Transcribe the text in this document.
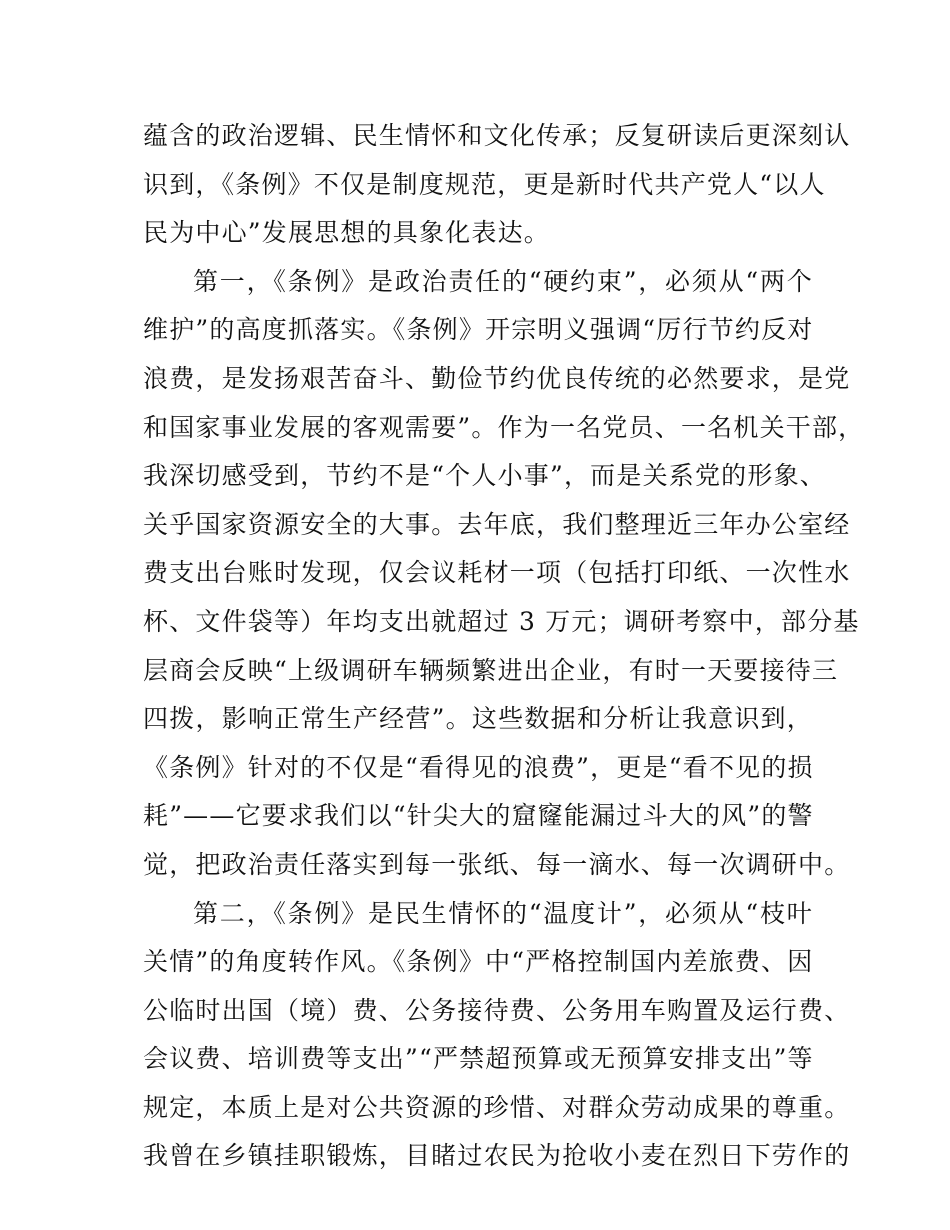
蕴含的政治逻辑、民生情怀和文化传承；反复研读后更深刻认
识到，《条例》不仅是制度规范，更是新时代共产党人“以人
民为中心”发展思想的具象化表达。
第一，《条例》是政治责任的“硬约束”，必须从“两个
维护”的高度抓落实。《条例》开宗明义强调“厉行节约反对
浪费，是发扬艰苦奋斗、勤俭节约优良传统的必然要求，是党
和国家事业发展的客观需要”。作为一名党员、一名机关干部，
我深切感受到，节约不是“个人小事”，而是关系党的形象、
关乎国家资源安全的大事。去年底，我们整理近三年办公室经
费支出台账时发现，仅会议耗材一项（包括打印纸、一次性水
杯、文件袋等）年均支出就超过 3 万元；调研考察中，部分基
层商会反映“上级调研车辆频繁进出企业，有时一天要接待三
四拨，影响正常生产经营”。这些数据和分析让我意识到，
《条例》针对的不仅是“看得见的浪费”，更是“看不见的损
耗”——它要求我们以“针尖大的窟窿能漏过斗大的风”的警
觉，把政治责任落实到每一张纸、每一滴水、每一次调研中。
第二，《条例》是民生情怀的“温度计”，必须从“枝叶
关情”的角度转作风。《条例》中“严格控制国内差旅费、因
公临时出国（境）费、公务接待费、公务用车购置及运行费、
会议费、培训费等支出”“严禁超预算或无预算安排支出”等
规定，本质上是对公共资源的珍惜、对群众劳动成果的尊重。
我曾在乡镇挂职锻炼，目睹过农民为抢收小麦在烈日下劳作的
